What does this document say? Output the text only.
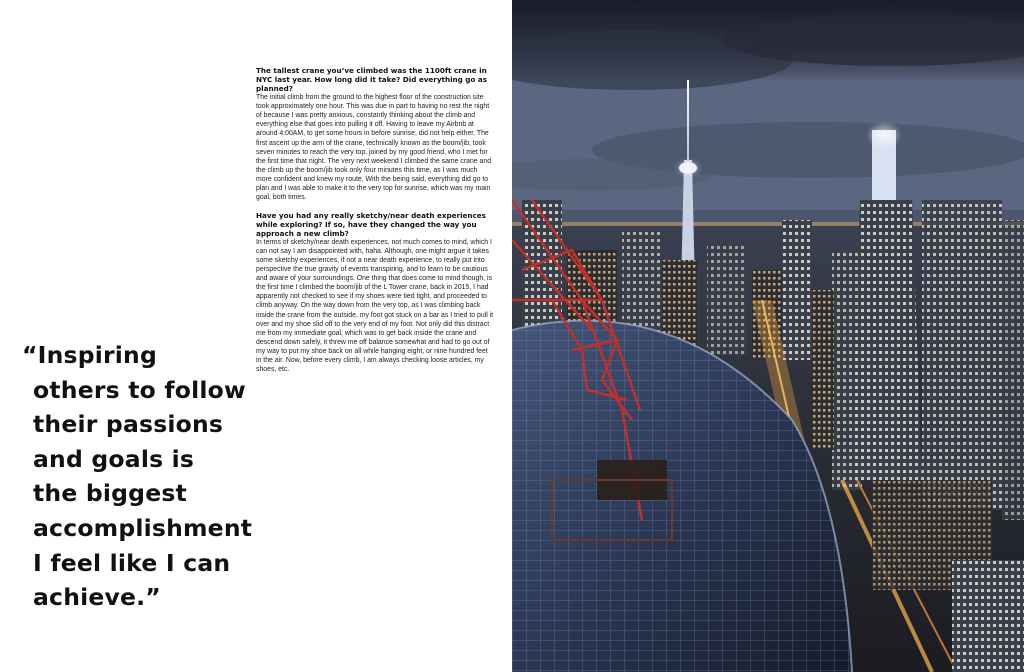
“Inspiring

others to follow

their passions

and goals is

the biggest

accomplishment

I feel like I can

achieve.”

The tallest crane you’ve climbed was the 1100ft crane in NYC last year. How long did it take? Did everything go as planned?

The initial climb from the ground to the highest floor of the construction site took approximately one hour. This was due in part to having no rest the night of because I was pretty anxious, constantly thinking about the climb and everything else that goes into pulling it off. Having to leave my Airbnb at around 4:00AM, to get some hours in before sunrise, did not help either. The first ascent up the arm of the crane, technically known as the boom/jib, took seven minutes to reach the very top, joined by my good friend, who I met for the first time that night. The very next weekend I climbed the same crane and the climb up the boom/jib took only four minutes this time, as I was much more confident and knew my route. With the being said, everything did go to plan and I was able to make it to the very top for sunrise, which was my main goal, both times.

Have you had any really sketchy/near death experiences while exploring? If so, have they changed the way you approach a new climb?

In terms of sketchy/near death experiences, not much comes to mind, which I can not say I am disappointed with, haha. Although, one might argue it takes some sketchy experiences, if not a near death experience, to really put into perspective the true gravity of events transpiring, and to learn to be cautious and aware of your surroundings. One thing that does come to mind though, is the first time I climbed the boom/jib of the L Tower crane, back in 2015. I had apparently not checked to see if my shoes were tied tight, and proceeded to climb anyway. On the way down from the very top, as I was climbing back inside the crane from the outside, my foot got stuck on a bar as I tried to pull it over and my shoe slid off to the very end of my foot. Not only did this distract me from my immediate goal, which was to get back inside the crane and descend down safely, it threw me off balance somewhat and had to go out of my way to put my shoe back on all while hanging eight, or nine hundred feet in the air. Now, before every climb, I am always checking loose articles, my shoes, etc.
